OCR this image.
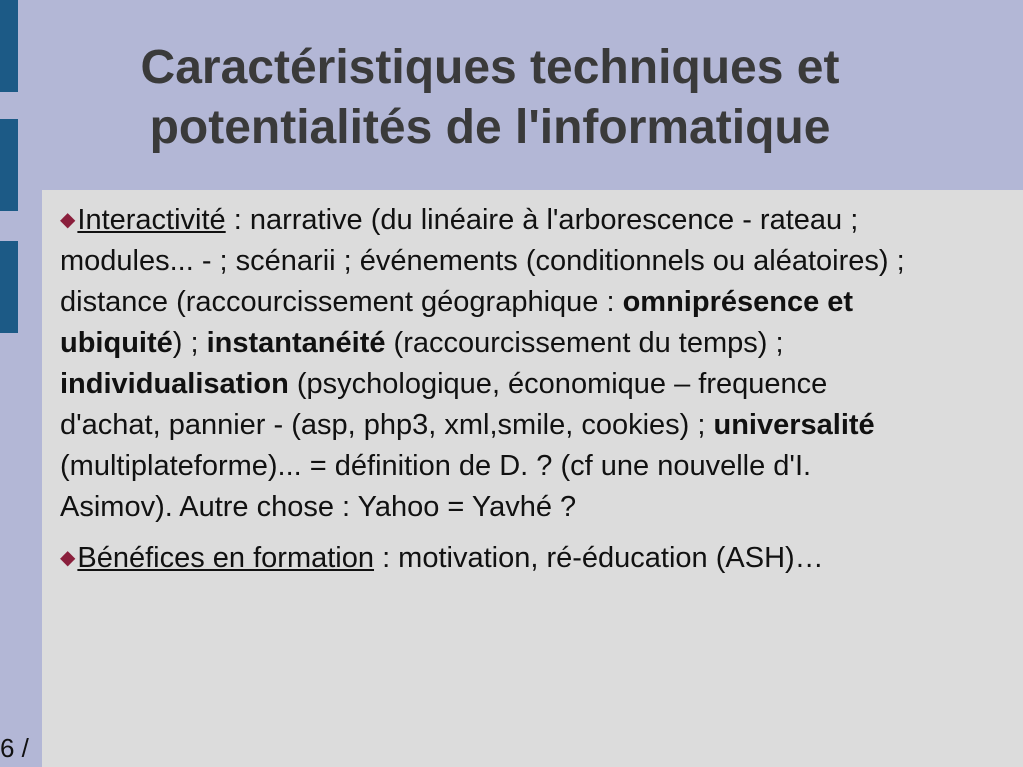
Caractéristiques techniques et
potentialités de l'informatique

◆Interactivité : narrative (du linéaire à l'arborescence - rateau ; modules... - ; scénarii ; événements (conditionnels ou aléatoires) ; distance (raccourcissement géographique : omniprésence et ubiquité) ; instantanéité (raccourcissement du temps) ; individualisation (psychologique, économique – frequence d'achat, pannier - (asp, php3, xml,smile, cookies) ; universalité (multiplateforme)... = définition de D. ? (cf une nouvelle d'I. Asimov). Autre chose : Yahoo = Yavhé ?

◆Bénéfices en formation : motivation, ré-éducation (ASH)…

6 /
